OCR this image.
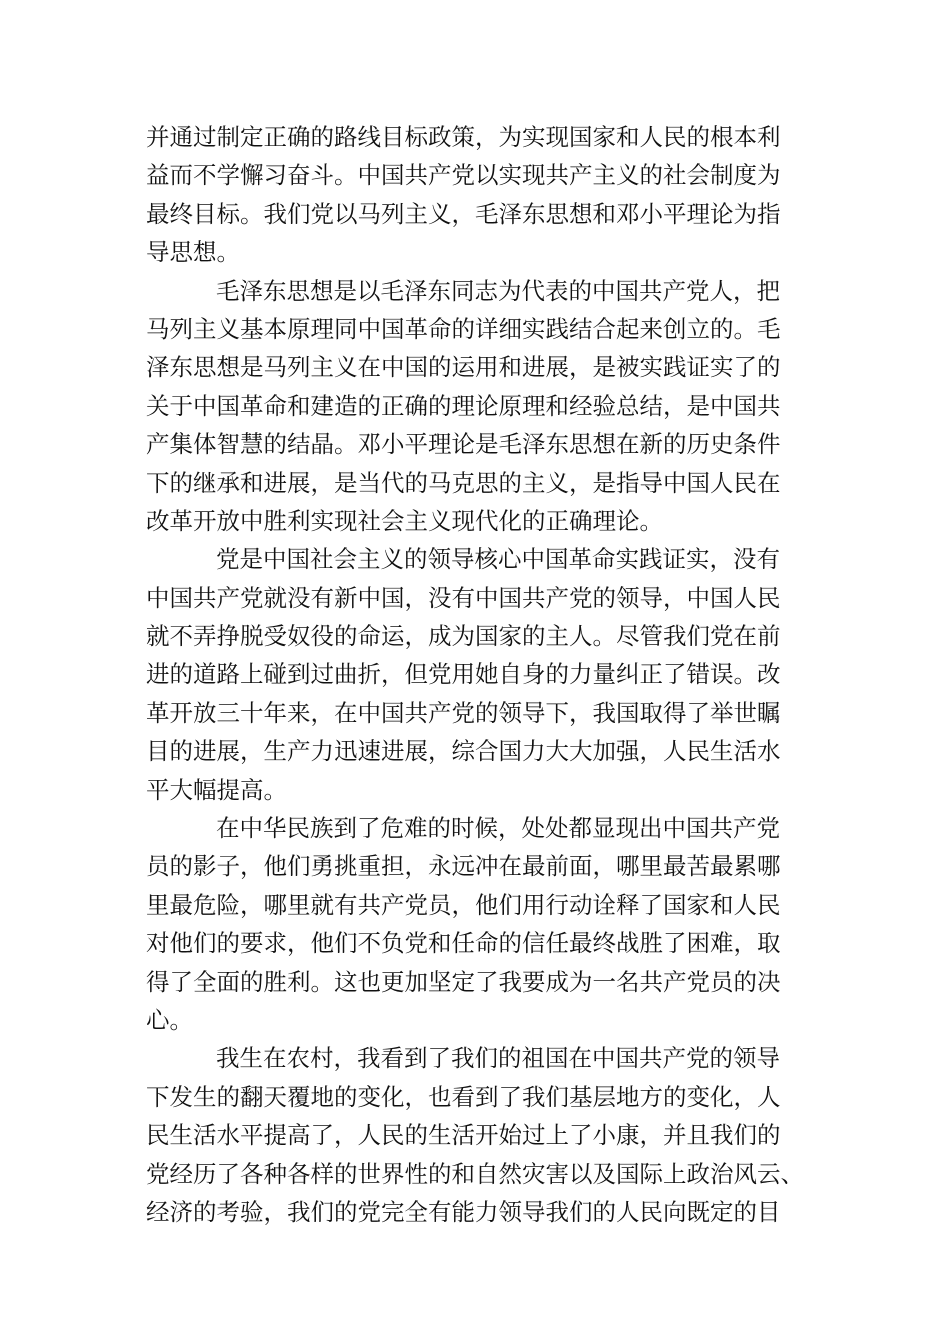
并通过制定正确的路线目标政策，为实现国家和人民的根本利
益而不学懈习奋斗。中国共产党以实现共产主义的社会制度为
最终目标。我们党以马列主义，毛泽东思想和邓小平理论为指
导思想。
毛泽东思想是以毛泽东同志为代表的中国共产党人，把
马列主义基本原理同中国革命的详细实践结合起来创立的。毛
泽东思想是马列主义在中国的运用和进展，是被实践证实了的
关于中国革命和建造的正确的理论原理和经验总结，是中国共
产集体智慧的结晶。邓小平理论是毛泽东思想在新的历史条件
下的继承和进展，是当代的马克思的主义，是指导中国人民在
改革开放中胜利实现社会主义现代化的正确理论。
党是中国社会主义的领导核心中国革命实践证实，没有
中国共产党就没有新中国，没有中国共产党的领导，中国人民
就不弄挣脱受奴役的命运，成为国家的主人。尽管我们党在前
进的道路上碰到过曲折，但党用她自身的力量纠正了错误。改
革开放三十年来，在中国共产党的领导下，我国取得了举世瞩
目的进展，生产力迅速进展，综合国力大大加强，人民生活水
平大幅提高。
在中华民族到了危难的时候，处处都显现出中国共产党
员的影子，他们勇挑重担，永远冲在最前面，哪里最苦最累哪
里最危险，哪里就有共产党员，他们用行动诠释了国家和人民
对他们的要求，他们不负党和任命的信任最终战胜了困难，取
得了全面的胜利。这也更加坚定了我要成为一名共产党员的决
心。
我生在农村，我看到了我们的祖国在中国共产党的领导
下发生的翻天覆地的变化，也看到了我们基层地方的变化，人
民生活水平提高了，人民的生活开始过上了小康，并且我们的
党经历了各种各样的世界性的和自然灾害以及国际上政治风云、
经济的考验，我们的党完全有能力领导我们的人民向既定的目
